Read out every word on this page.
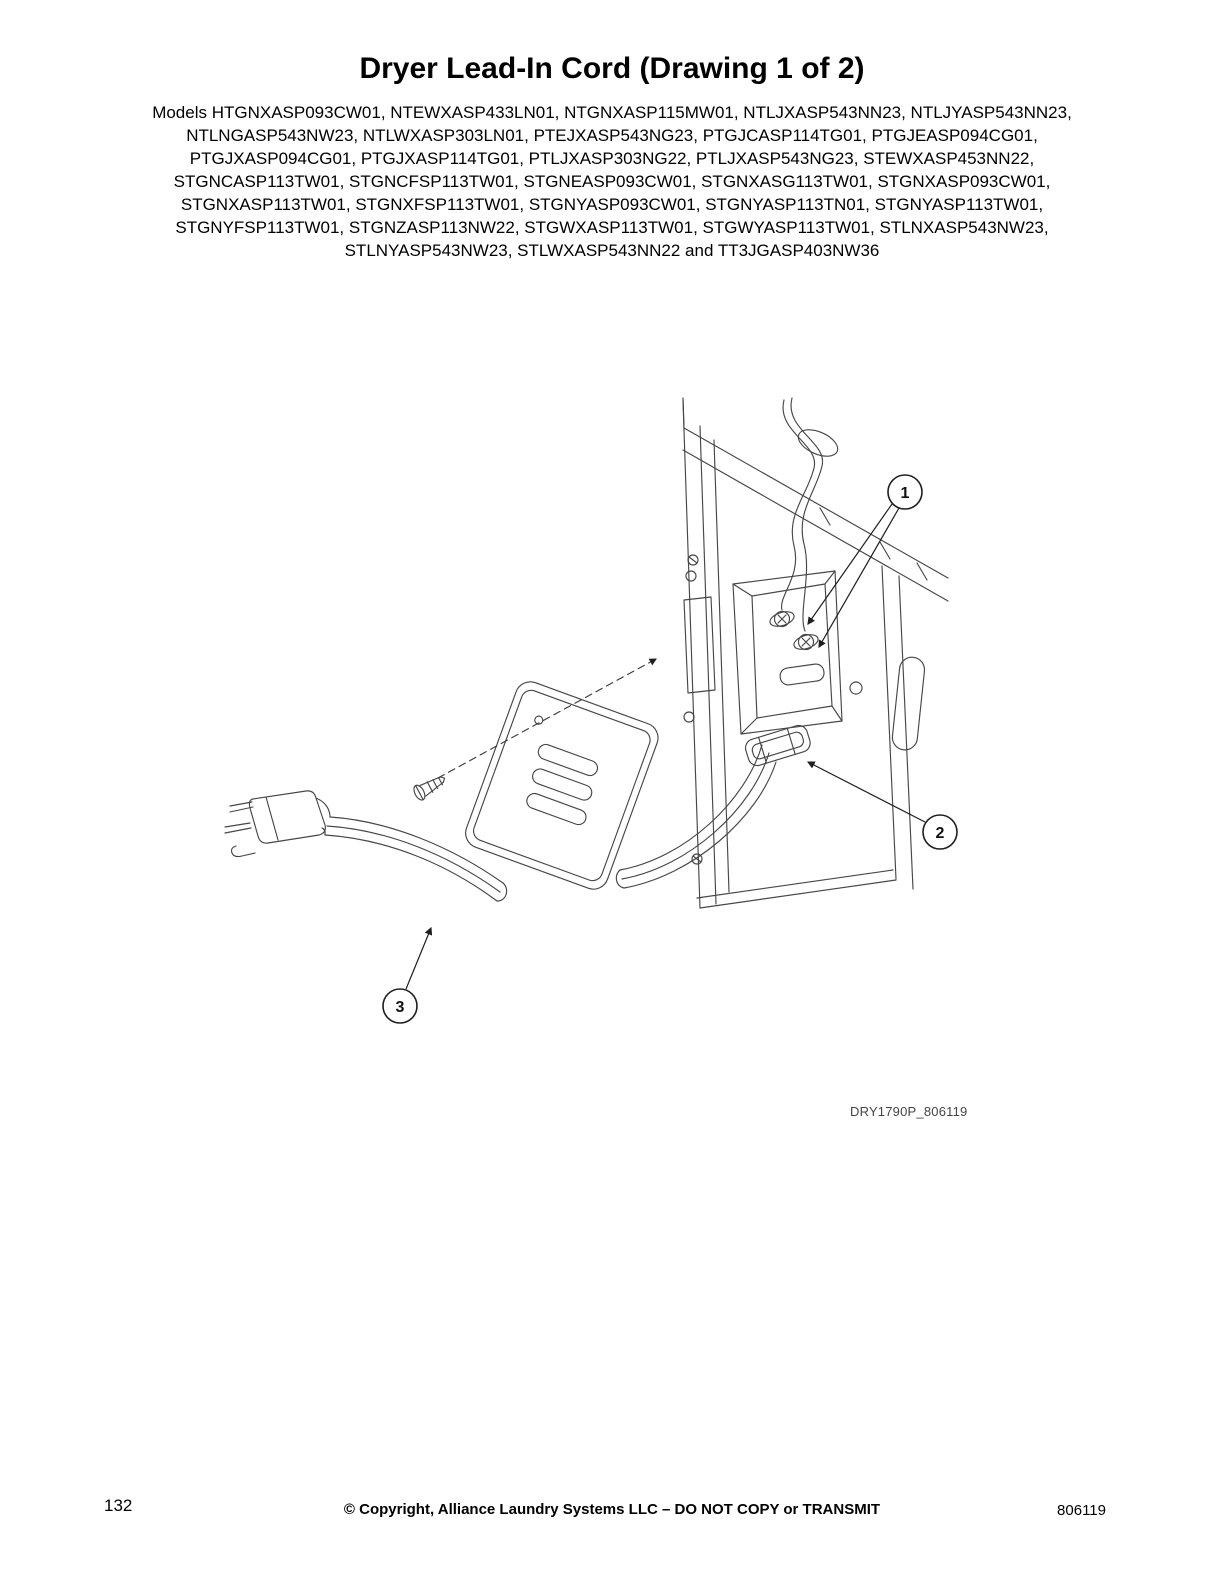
Dryer Lead-In Cord (Drawing 1 of 2)
Models HTGNXASP093CW01, NTEWXASP433LN01, NTGNXASP115MW01, NTLJXASP543NN23, NTLJYASP543NN23,
NTLNGASP543NW23, NTLWXASP303LN01, PTEJXASP543NG23, PTGJCASP114TG01, PTGJEASP094CG01,
PTGJXASP094CG01, PTGJXASP114TG01, PTLJXASP303NG22, PTLJXASP543NG23, STEWXASP453NN22,
STGNCASP113TW01, STGNCFSP113TW01, STGNEASP093CW01, STGNXASG113TW01, STGNXASP093CW01,
STGNXASP113TW01, STGNXFSP113TW01, STGNYASP093CW01, STGNYASP113TN01, STGNYASP113TW01,
STGNYFSP113TW01, STGNZASP113NW22, STGWXASP113TW01, STGWYASP113TW01, STLNXASP543NW23,
STLNYASP543NW23, STLWXASP543NN22 and TT3JGASP403NW36
1
2
3
DRY1790P_806119
132	© Copyright, Alliance Laundry Systems LLC – DO NOT COPY or TRANSMIT	806119
